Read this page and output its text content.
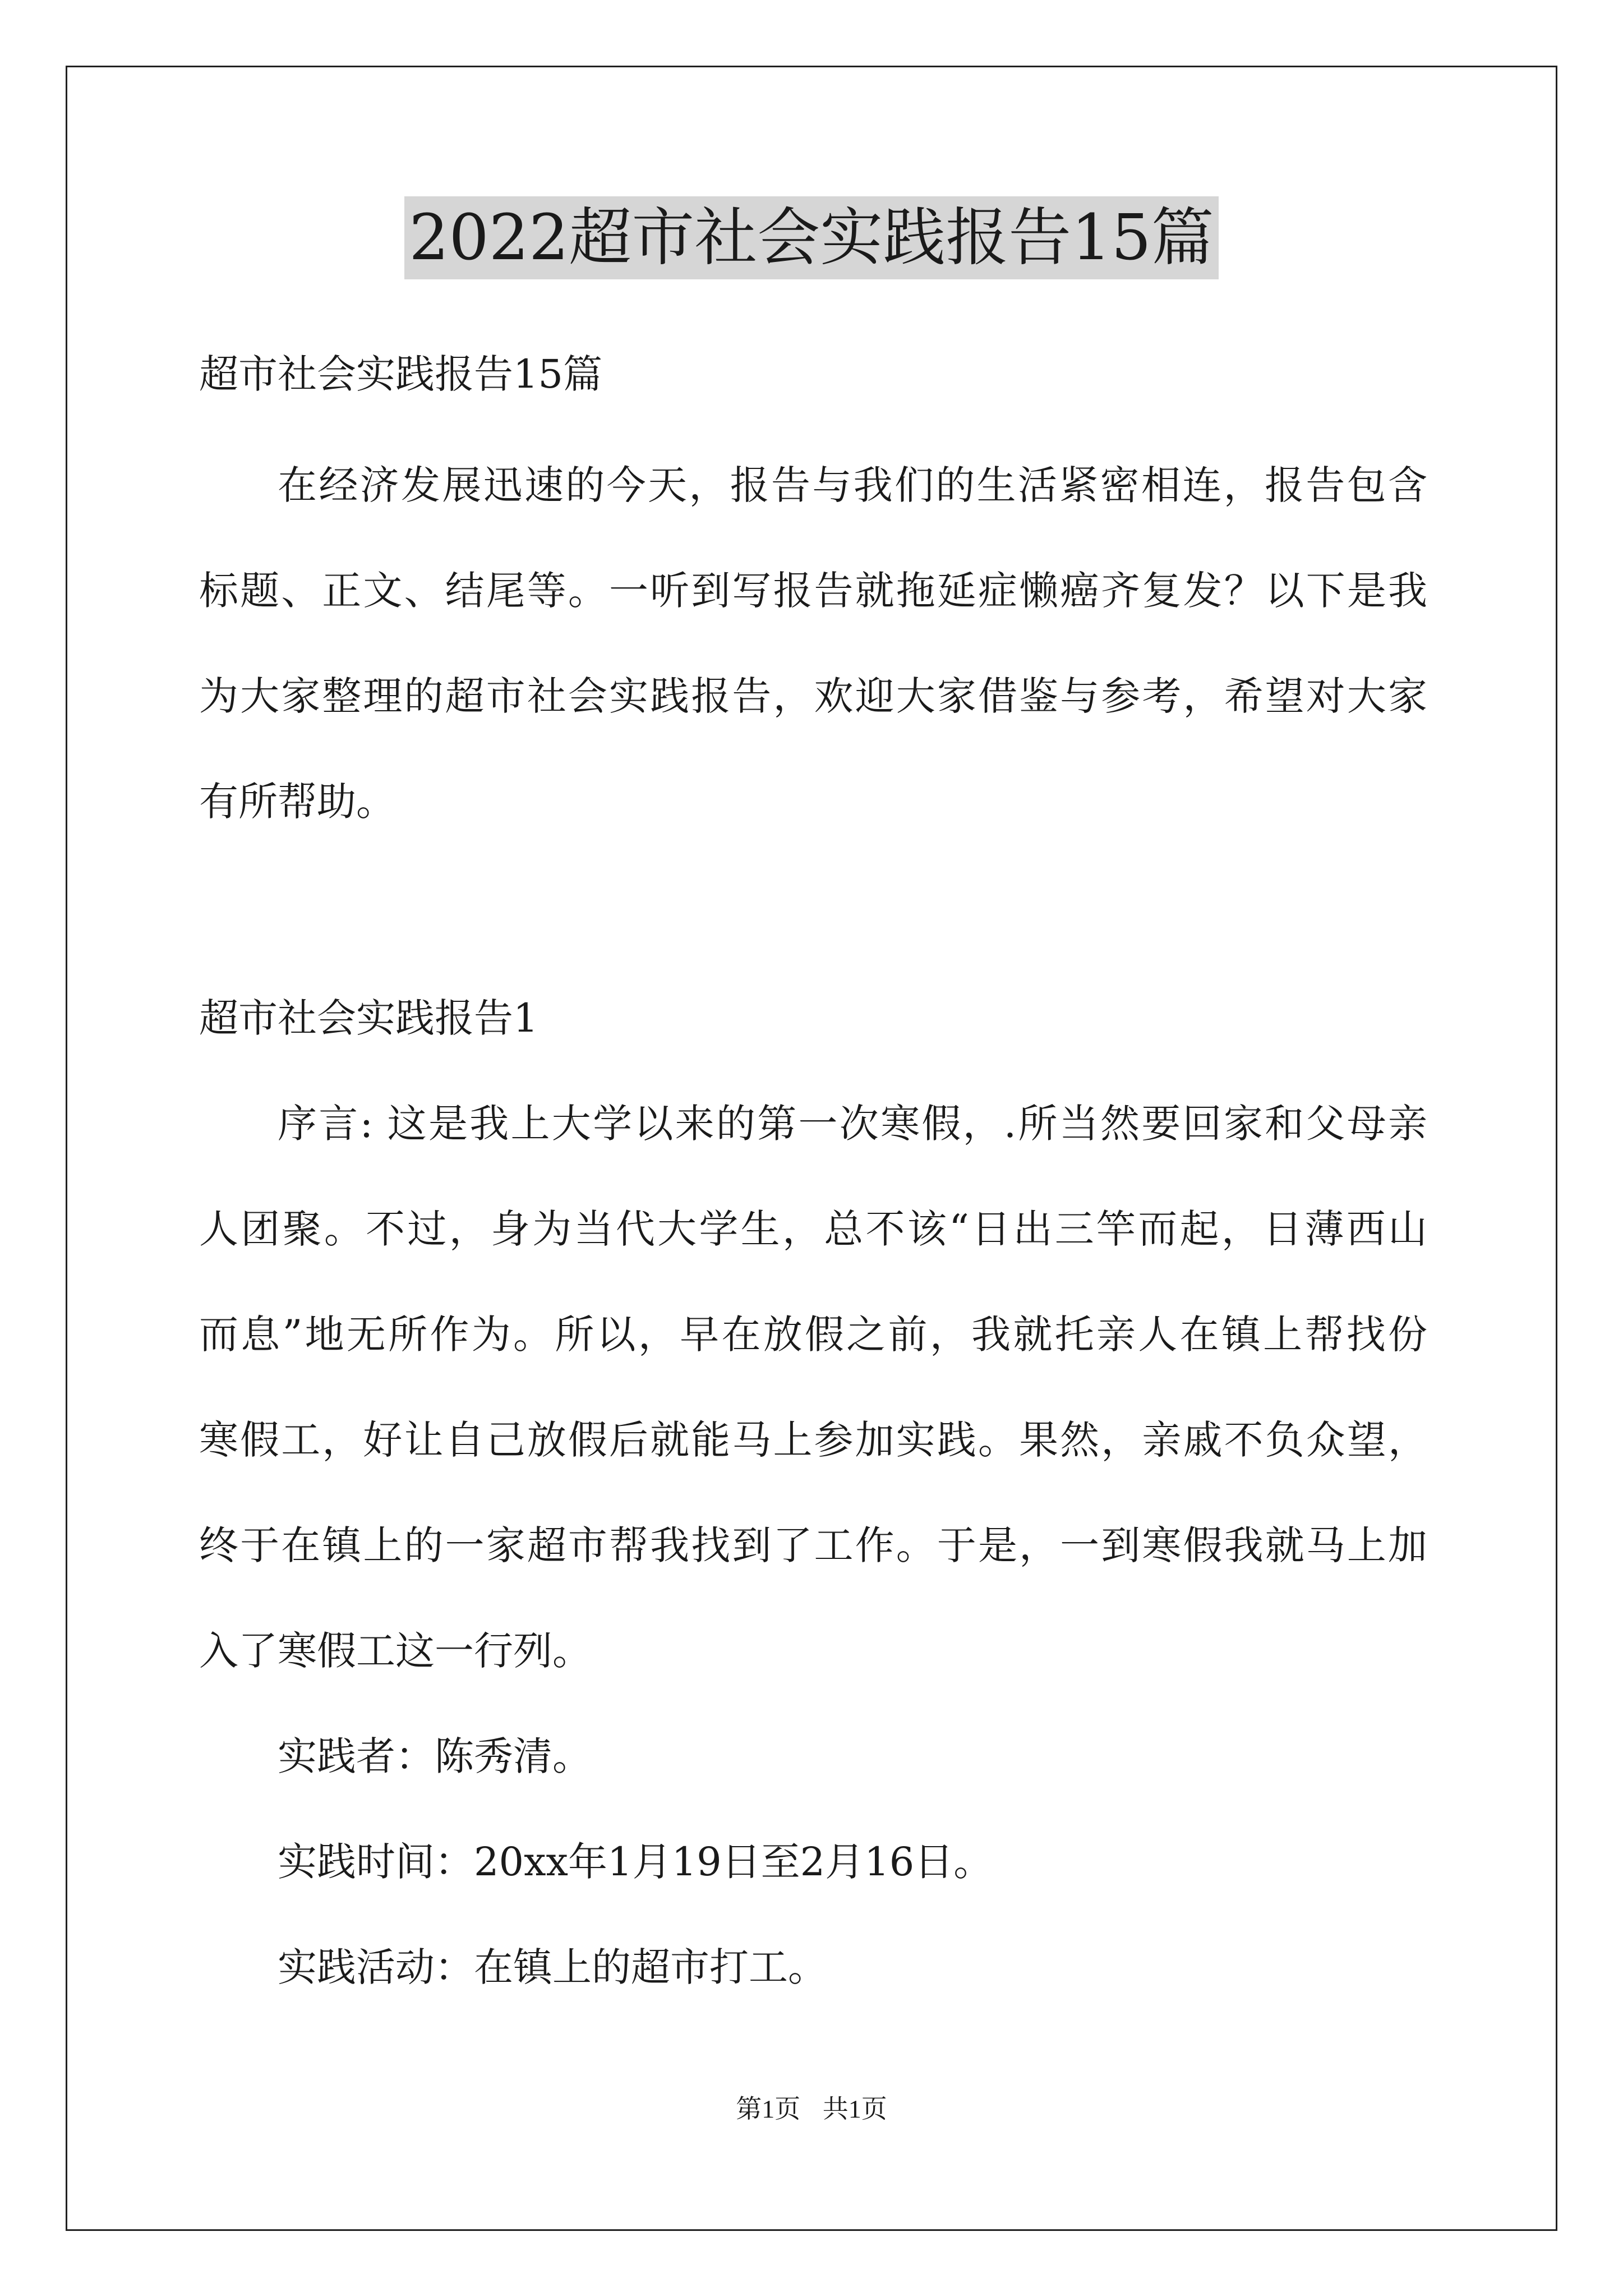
2022超市社会实践报告15篇
超市社会实践报告15篇
在经济发展迅速的今天，报告与我们的生活紧密相连，报告包含
标题、正文、结尾等。一听到写报告就拖延症懒癌齐复发？以下是我
为大家整理的超市社会实践报告，欢迎大家借鉴与参考，希望对大家
有所帮助。
超市社会实践报告1
序言: 这是我上大学以来的第一次寒假，.所当然要回家和父母亲
人团聚。不过，身为当代大学生，总不该“日出三竿而起，日薄西山
而息”地无所作为。所以，早在放假之前，我就托亲人在镇上帮找份
寒假工，好让自己放假后就能马上参加实践。果然，亲戚不负众望，
终于在镇上的一家超市帮我找到了工作。于是，一到寒假我就马上加
入了寒假工这一行列。
实践者：陈秀清。
实践时间：20xx年1月19日至2月16日。
实践活动：在镇上的超市打工。
第1页 共1页
